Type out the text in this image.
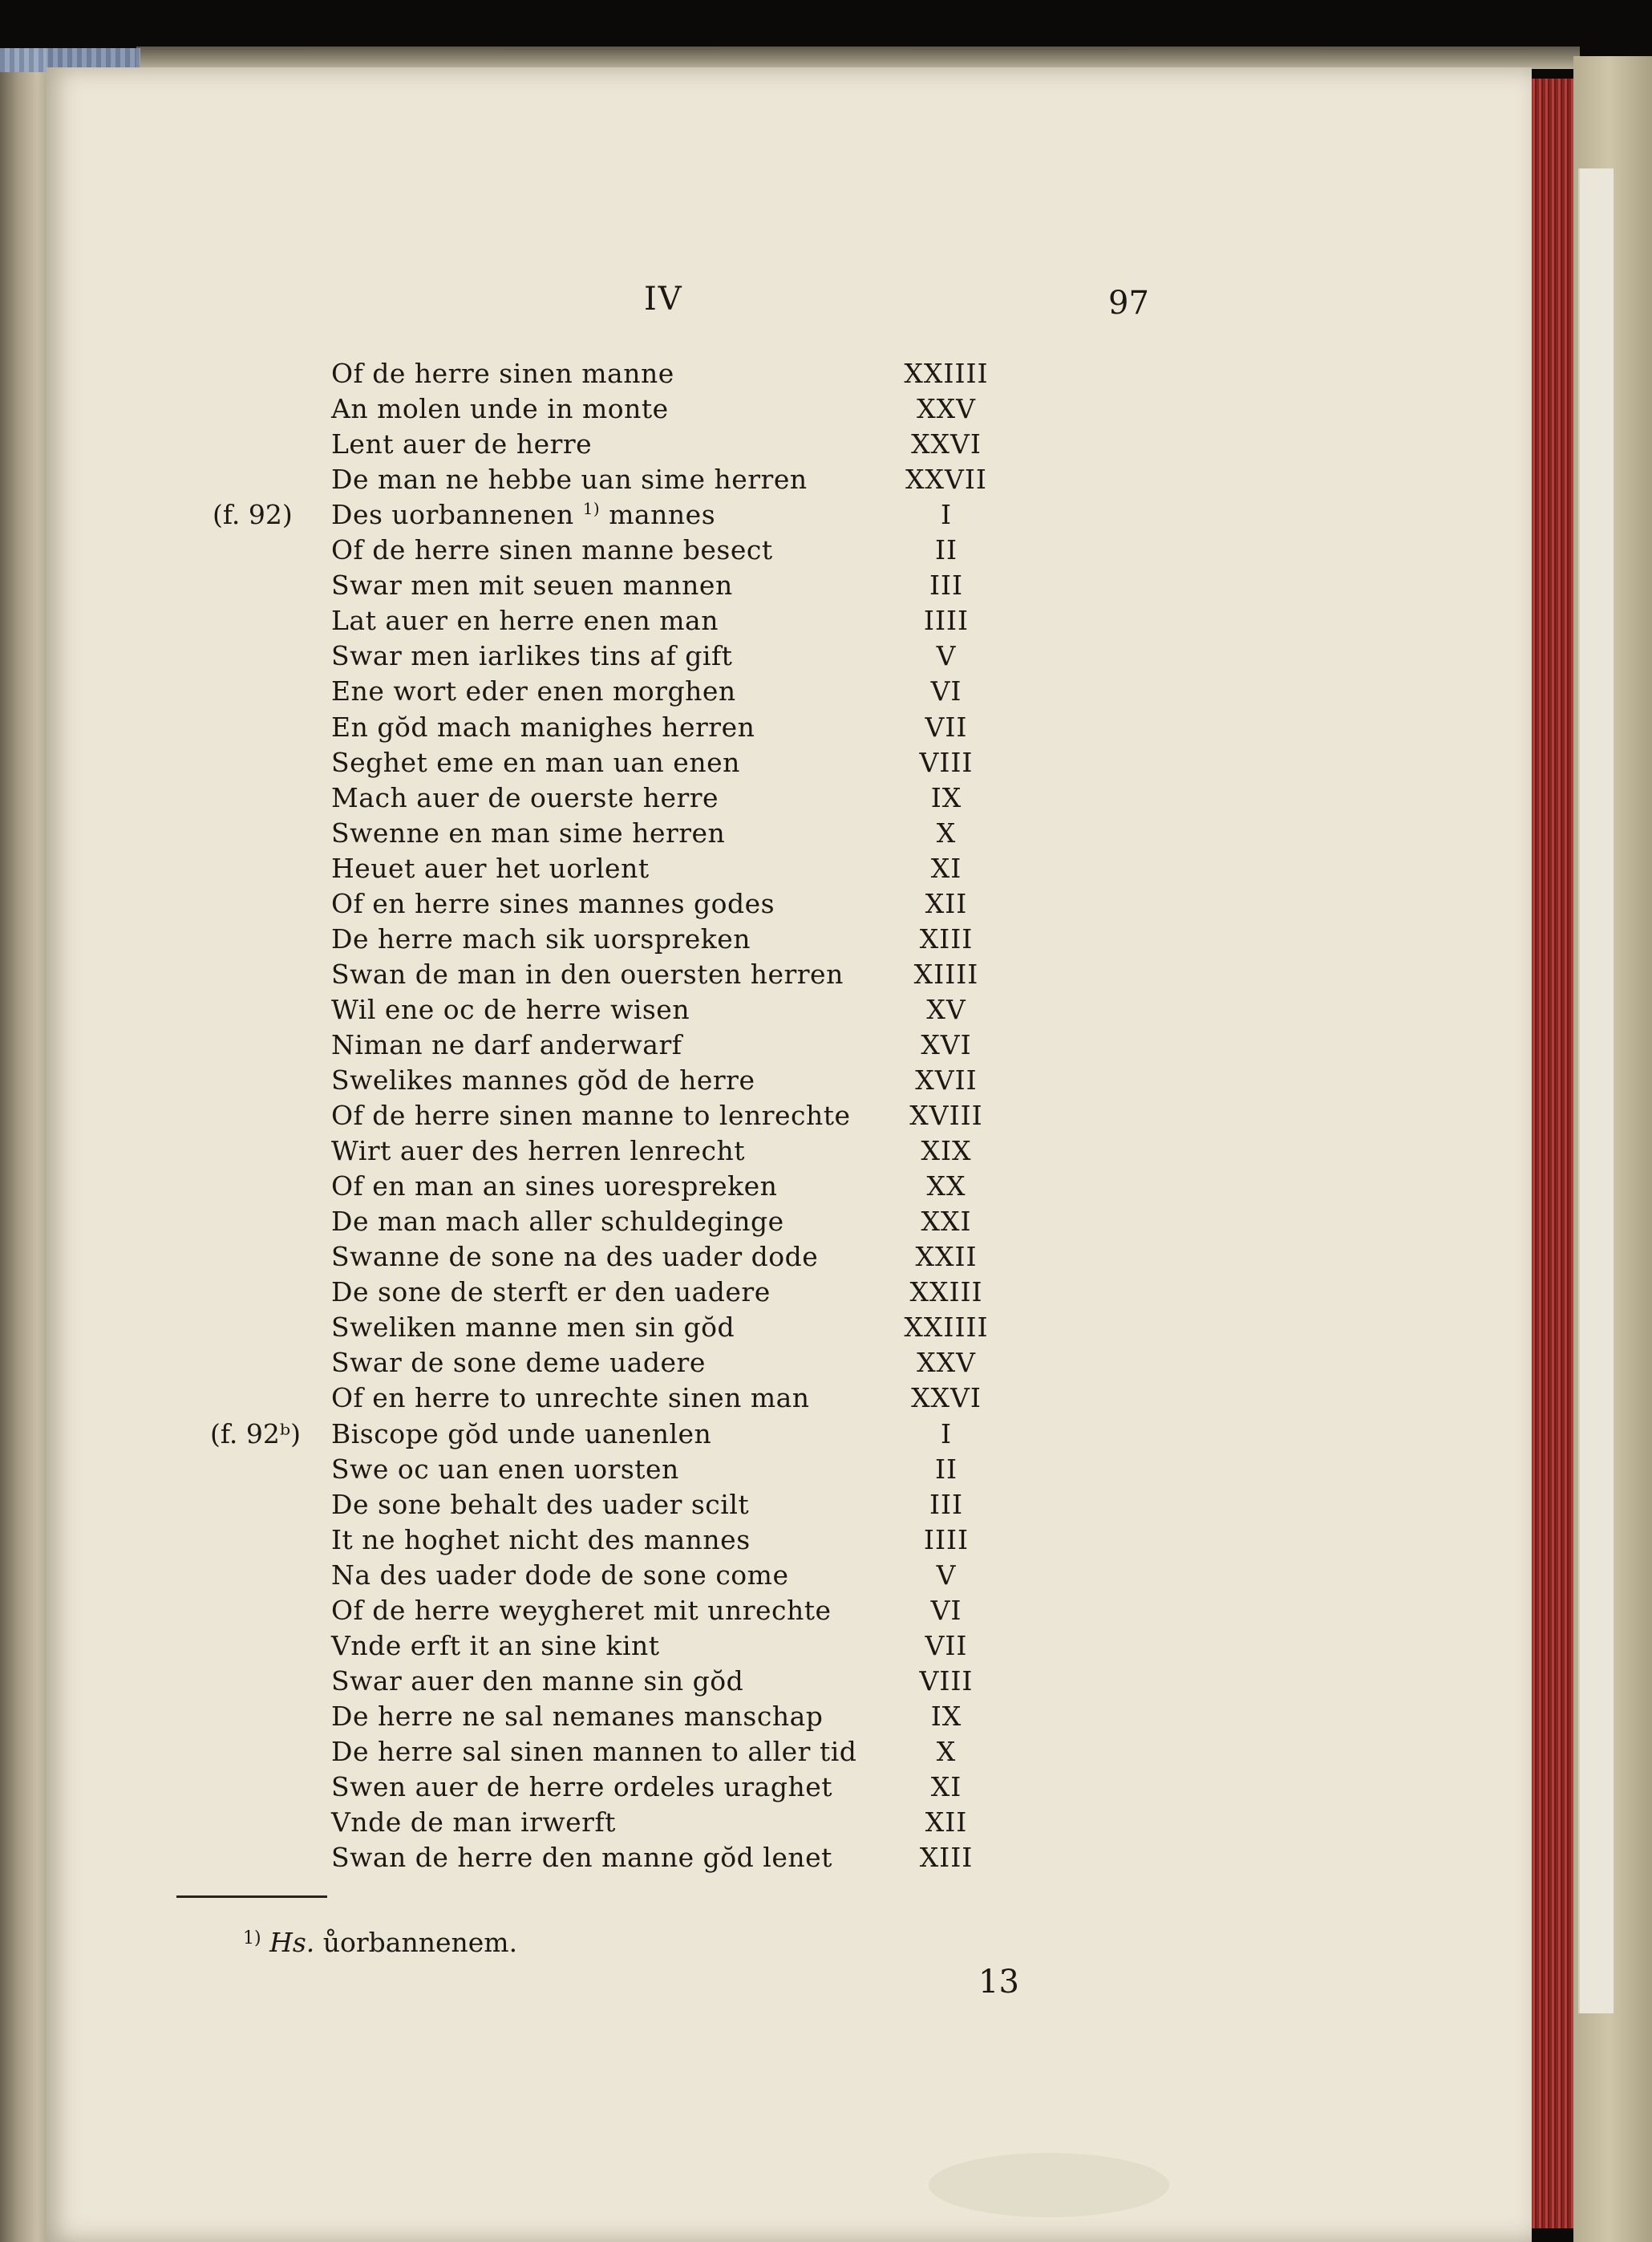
IV	97
Of de herre sinen manne	XXIIII
An molen unde in monte	XXV
Lent auer de herre	XXVI
De man ne hebbe uan sime herren	XXVII
(f. 92) Des uorbannenen $^{1)}$ mannes	I
Of de herre sinen manne besect	II
Swar men mit seuen mannen	III
Lat auer en herre enen man	IIII
Swar men iarlikes tins af gift	V
Ene wort eder enen morghen	VI
En gо̆d mach manighes herren	VII
Seghet eme en man uan enen	VIII
Mach auer de ouerste herre	IX
Swenne en man sime herren	X
Heuet auer het uorlent	XI
Of en herre sines mannes godes	XII
De herre mach sik uorspreken	XIII
Swan de man in den ouersten herren	XIIII
Wil ene oc de herre wisen	XV
Niman ne darf anderwarf	XVI
Swelikes mannes gо̆d de herre	XVII
Of de herre sinen manne to lenrechte	XVIII
Wirt auer des herren lenrecht	XIX
Of en man an sines uorespreken	XX
De man mach aller schuldeginge	XXI
Swanne de sone na des uader dode	XXII
De sone de sterft er den uadere	XXIII
Sweliken manne men sin gо̆d	XXIIII
Swar de sone deme uadere	XXV
Of en herre to unrechte sinen man	XXVI
(f. 92ᵇ) Biscope gо̆d unde uanenlen	I
Swe oc uan enen uorsten	II
De sone behalt des uader scilt	III
It ne hoghet nicht des mannes	IIII
Na des uader dode de sone come	V
Of de herre weygheret mit unrechte	VI
Vnde erft it an sine kint	VII
Swar auer den manne sin gо̆d	VIII
De herre ne sal nemanes manschap	IX
De herre sal sinen mannen to aller tid	X
Swen auer de herre ordeles uraghet	XI
Vnde de man irwerft	XII
Swan de herre den manne gо̆d lenet	XIII
$^{1)}$ Hs. ůorbannenem.
13
